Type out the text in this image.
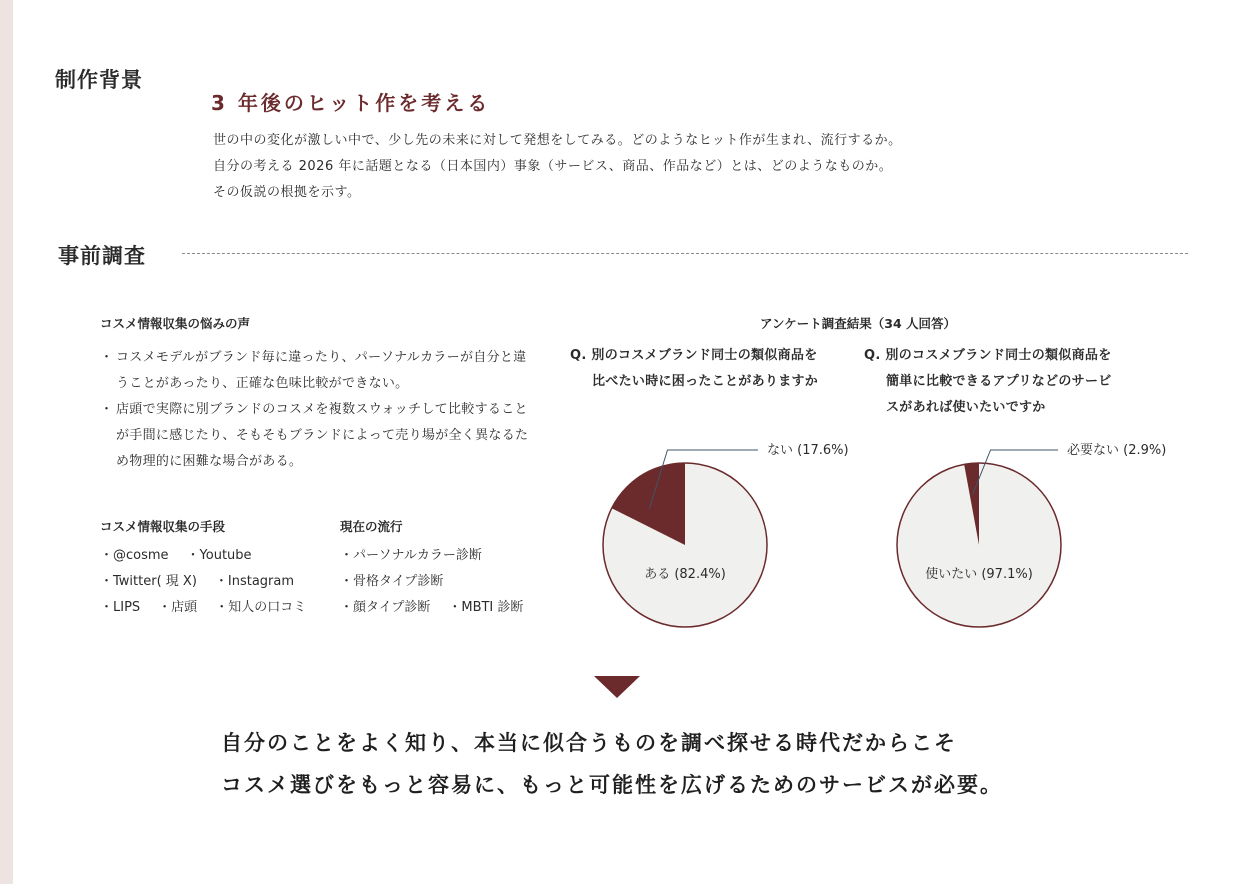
制作背景
3 年後のヒット作を考える

世の中の変化が激しい中で、少し先の未来に対して発想をしてみる。どのようなヒット作が生まれ、流行するか。

自分の考える 2026 年に話題となる（日本国内）事象（サービス、商品、作品など）とは、どのようなものか。

その仮説の根拠を示す。

事前調査
コスメ情報収集の悩みの声
・ コスメモデルがブランド毎に違ったり、パーソナルカラーが自分と違うことがあったり、正確な色味比較ができない。
・ 店頭で実際に別ブランドのコスメを複数スウォッチして比較することが手間に感じたり、そもそもブランドによって売り場が全く異なるため物理的に困難な場合がある。
コスメ情報収集の手段
・@cosme ・Youtube
・Twitter( 現 X) ・Instagram
・LIPS ・店頭 ・知人の口コミ
現在の流行
・パーソナルカラー診断
・骨格タイプ診断
・顔タイプ診断 ・MBTI 診断
アンケート調査結果（34 人回答）
Q. 別のコスメブランド同士の類似商品を
比べたい時に困ったことがありますか
Q. 別のコスメブランド同士の類似商品を
簡単に比較できるアプリなどのサービ
スがあれば使いたいですか
ある (82.4%)
ない (17.6%)
使いたい (97.1%)
必要ない (2.9%)

自分のことをよく知り、本当に似合うものを調べ探せる時代だからこそ

コスメ選びをもっと容易に、もっと可能性を広げるためのサービスが必要。
